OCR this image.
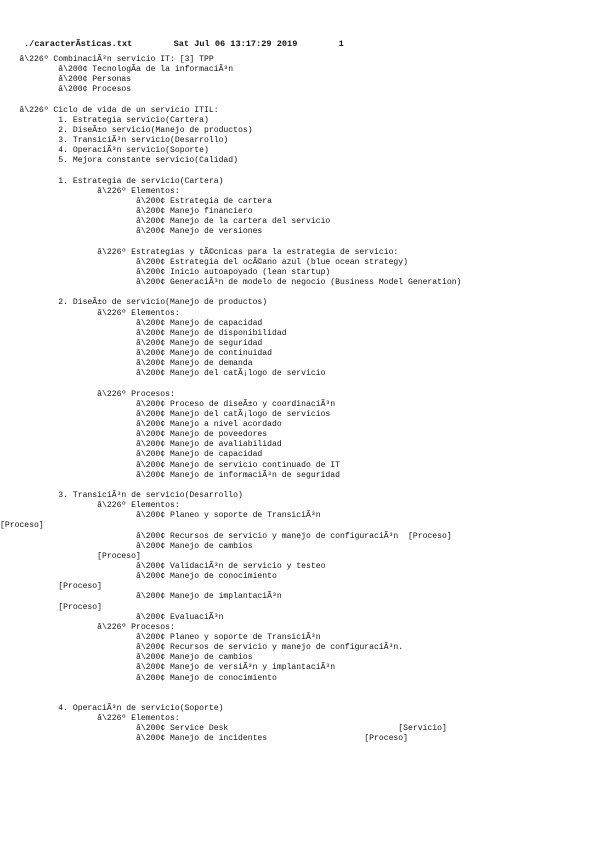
./caracterÃsticas.txt	Sat Jul 06 13:17:29 2019	1
â\226º CombinaciÃ³n servicio IT: [3] TPP
â\200¢ TecnologÃa de la informaciÃ³n
â\200¢ Personas
â\200¢ Procesos
â\226º Ciclo de vida de un servicio ITIL:
1. Estrategia servicio(Cartera)
2. DiseÃ±o servicio(Manejo de productos)
3. TransiciÃ³n servicio(Desarrollo)
4. OperaciÃ³n servicio(Soporte)
5. Mejora constante servicio(Calidad)
1. Estrategia de servicio(Cartera)
â\226º Elementos:
â\200¢ Estrategia de cartera
â\200¢ Manejo financiero
â\200¢ Manejo de la cartera del servicio
â\200¢ Manejo de versiones
â\226º Estrategias y tÃ©cnicas para la estrategia de servicio:
â\200¢ Estrategia del ocÃ©ano azul (blue ocean strategy)
â\200¢ Inicio autoapoyado (lean startup)
â\200¢ GeneraciÃ³n de modelo de negocio (Business Model Generation)
2. DiseÃ±o de servicio(Manejo de productos)
â\226º Elementos:
â\200¢ Manejo de capacidad
â\200¢ Manejo de disponibilidad
â\200¢ Manejo de seguridad
â\200¢ Manejo de continuidad
â\200¢ Manejo de demanda
â\200¢ Manejo del catÃ¡logo de servicio
â\226º Procesos:
â\200¢ Proceso de diseÃ±o y coordinaciÃ³n
â\200¢ Manejo del catÃ¡logo de servicios
â\200¢ Manejo a nivel acordado
â\200¢ Manejo de poveedores
â\200¢ Manejo de avaliabilidad
â\200¢ Manejo de capacidad
â\200¢ Manejo de servicio continuado de IT
â\200¢ Manejo de informaciÃ³n de seguridad
3. TransiciÃ³n de servicio(Desarrollo)
â\226º Elementos:
â\200¢ Planeo y soporte de TransiciÃ³n
[Proceso]
â\200¢ Recursos de servicio y manejo de configuraciÃ³n  [Proceso]
â\200¢ Manejo de cambios
[Proceso]
â\200¢ ValidaciÃ³n de servicio y testeo
â\200¢ Manejo de conocimiento
[Proceso]
â\200¢ Manejo de implantaciÃ³n
[Proceso]
â\200¢ EvaluaciÃ³n
â\226º Procesos:
â\200¢ Planeo y soporte de TransiciÃ³n
â\200¢ Recursos de servicio y manejo de configuraciÃ³n.
â\200¢ Manejo de cambios
â\200¢ Manejo de versiÃ³n y implantaciÃ³n
â\200¢ Manejo de conocimiento
4. OperaciÃ³n de servicio(Soporte)
â\226º Elementos:
â\200¢ Service Desk                                   [Servicio]
â\200¢ Manejo de incidentes                    [Proceso]
